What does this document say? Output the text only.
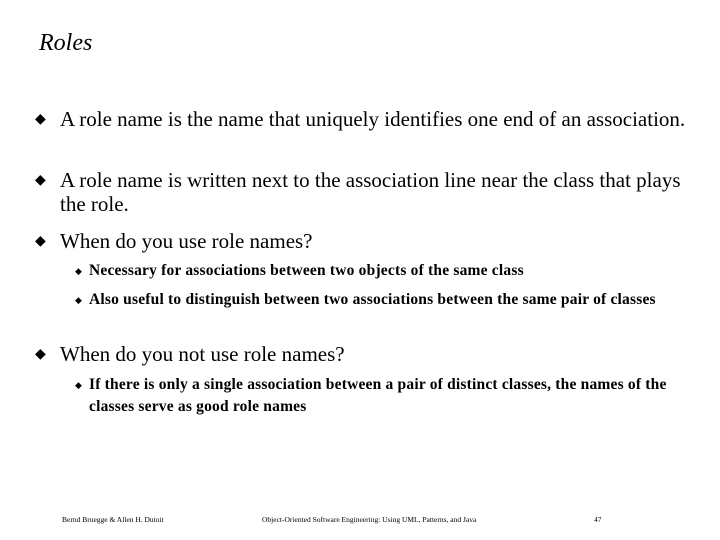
Roles
◆ A role name is the name that uniquely identifies one end of an association.
◆ A role name is written next to the association line near the class that plays the role.
◆ When do you use role names?
◆ Necessary for associations between two objects of the same class
◆ Also useful to distinguish between two associations between the same pair of classes
◆ When do you not use role names?
◆ If there is only a single association between a pair of distinct classes, the names of the classes serve as good role names
Bernd Bruegge & Allen H. Dutoit	Object-Oriented Software Engineering: Using UML, Patterns, and Java	47
